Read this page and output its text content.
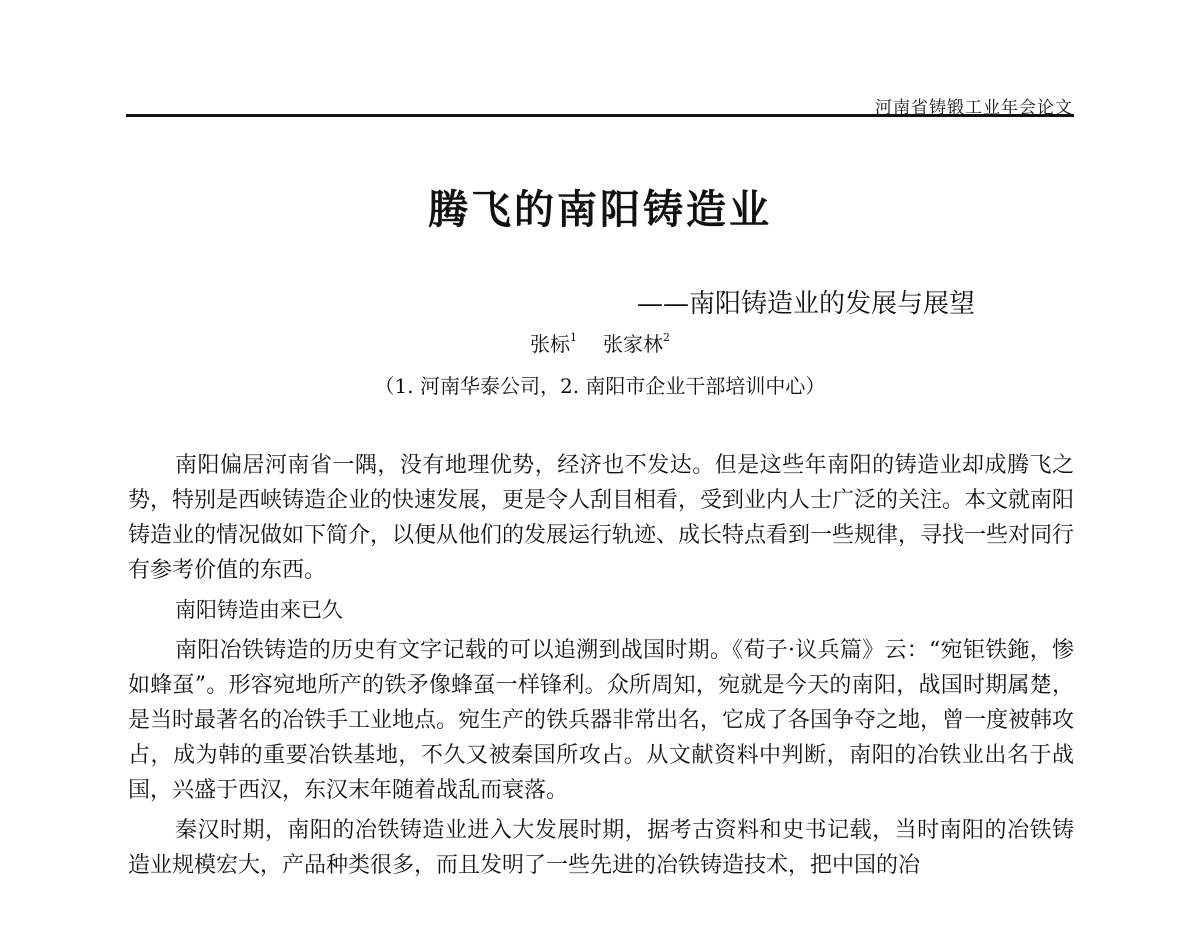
河南省铸锻工业年会论文
腾飞的南阳铸造业
——南阳铸造业的发展与展望
张标$^1$ 张家林$^2$
（1. 河南华泰公司，2. 南阳市企业干部培训中心）

南阳偏居河南省一隅，没有地理优势，经济也不发达。但是这些年南阳的铸造业却成腾飞之势，特别是西峡铸造企业的快速发展，更是令人刮目相看，受到业内人士广泛的关注。本文就南阳铸造业的情况做如下简介，以便从他们的发展运行轨迹、成长特点看到一些规律，寻找一些对同行有参考价值的东西。

南阳铸造由来已久

南阳冶铁铸造的历史有文字记载的可以追溯到战国时期。《荀子·议兵篇》云：“宛钜铁鉇，惨如蜂虿”。形容宛地所产的铁矛像蜂虿一样锋利。众所周知，宛就是今天的南阳，战国时期属楚，是当时最著名的冶铁手工业地点。宛生产的铁兵器非常出名，它成了各国争夺之地，曾一度被韩攻占，成为韩的重要冶铁基地，不久又被秦国所攻占。从文献资料中判断，南阳的冶铁业出名于战国，兴盛于西汉，东汉末年随着战乱而衰落。

秦汉时期，南阳的冶铁铸造业进入大发展时期，据考古资料和史书记载，当时南阳的冶铁铸造业规模宏大，产品种类很多，而且发明了一些先进的冶铁铸造技术，把中国的冶
